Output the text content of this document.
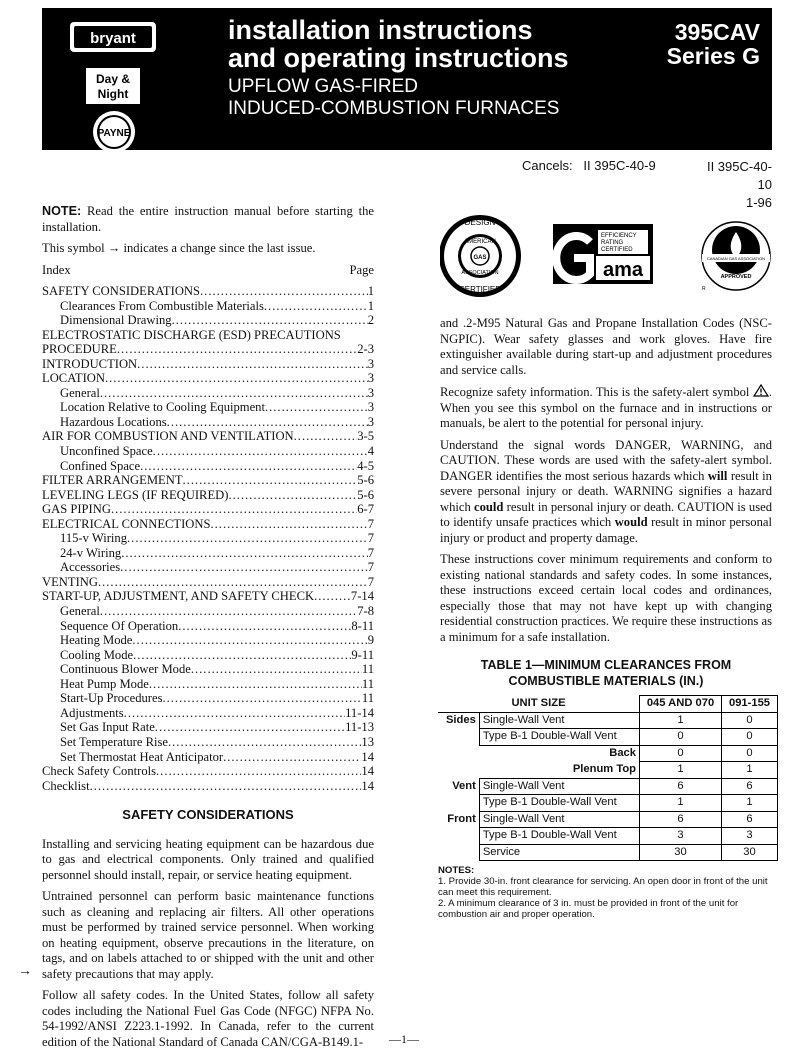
bryant
Day &
Night
PAYNE
installation instructions
and operating instructions
UPFLOW GAS-FIRED
INDUCED-COMBUSTION FURNACES
395CAV
Series G
Cancels: II 395C-40-9	II 395C-40-10
1-96
NOTE: Read the entire instruction manual before starting the installation.
This symbol → indicates a change since the last issue.
Index	Page
SAFETY CONSIDERATIONS .....	1
Clearances From Combustible Materials .....	1
Dimensional Drawing .....	2
ELECTROSTATIC DISCHARGE (ESD) PRECAUTIONS
PROCEDURE .....	2-3
INTRODUCTION .....	3
LOCATION .....	3
General .....	3
Location Relative to Cooling Equipment .....	3
Hazardous Locations .....	3
AIR FOR COMBUSTION AND VENTILATION .....	3-5
Unconfined Space .....	4
Confined Space .....	4-5
FILTER ARRANGEMENT .....	5-6
LEVELING LEGS (IF REQUIRED) .....	5-6
GAS PIPING .....	6-7
ELECTRICAL CONNECTIONS .....	7
115-v Wiring .....	7
24-v Wiring .....	7
Accessories .....	7
VENTING .....	7
START-UP, ADJUSTMENT, AND SAFETY CHECK .....	7-14
General .....	7-8
Sequence Of Operation .....	8-11
Heating Mode .....	9
Cooling Mode .....	9-11
Continuous Blower Mode .....	11
Heat Pump Mode .....	11
Start-Up Procedures .....	11
Adjustments .....	11-14
Set Gas Input Rate .....	11-13
Set Temperature Rise .....	13
Set Thermostat Heat Anticipator .....	14
Check Safety Controls .....	14
Checklist .....	14
SAFETY CONSIDERATIONS
Installing and servicing heating equipment can be hazardous due to gas and electrical components. Only trained and qualified personnel should install, repair, or service heating equipment.
Untrained personnel can perform basic maintenance functions such as cleaning and replacing air filters. All other operations must be performed by trained service personnel. When working on heating equipment, observe precautions in the literature, on tags, and on labels attached to or shipped with the unit and other safety precautions that may apply.
Follow all safety codes. In the United States, follow all safety codes including the National Fuel Gas Code (NFGC) NFPA No. 54-1992/ANSI Z223.1-1992. In Canada, refer to the current edition of the National Standard of Canada CAN/CGA-B149.1-
→
DESIGN
AMERICAN
GAS
ASSOCIATION
CERTIFIED
EFFICIENCY
RATING
CERTIFIED
ama
CANADIAN GAS ASSOCIATION
APPROVED
R
and .2-M95 Natural Gas and Propane Installation Codes (NSC-NGPIC). Wear safety glasses and work gloves. Have fire extinguisher available during start-up and adjustment procedures and service calls.
Recognize safety information. This is the safety-alert symbol . When you see this symbol on the furnace and in instructions or manuals, be alert to the potential for personal injury.
Understand the signal words DANGER, WARNING, and CAUTION. These words are used with the safety-alert symbol. DANGER identifies the most serious hazards which will result in severe personal injury or death. WARNING signifies a hazard which could result in personal injury or death. CAUTION is used to identify unsafe practices which would result in minor personal injury or product and property damage.
These instructions cover minimum requirements and conform to existing national standards and safety codes. In some instances, these instructions exceed certain local codes and ordinances, especially those that may not have kept up with changing residential construction practices. We require these instructions as a minimum for a safe installation.
TABLE 1—MINIMUM CLEARANCES FROM
COMBUSTIBLE MATERIALS (IN.)
UNIT SIZE		045 AND 070	091-155
Sides	Single-Wall Vent	1	0
	Type B-1 Double-Wall Vent	0	0
Back		0	0
Plenum Top		1	1
Vent	Single-Wall Vent	6	6
	Type B-1 Double-Wall Vent	1	1
Front	Single-Wall Vent	6	6
	Type B-1 Double-Wall Vent	3	3
	Service	30	30
NOTES:
1. Provide 30-in. front clearance for servicing. An open door in front of the unit can meet this requirement.
2. A minimum clearance of 3 in. must be provided in front of the unit for combustion air and proper operation.
—1—
